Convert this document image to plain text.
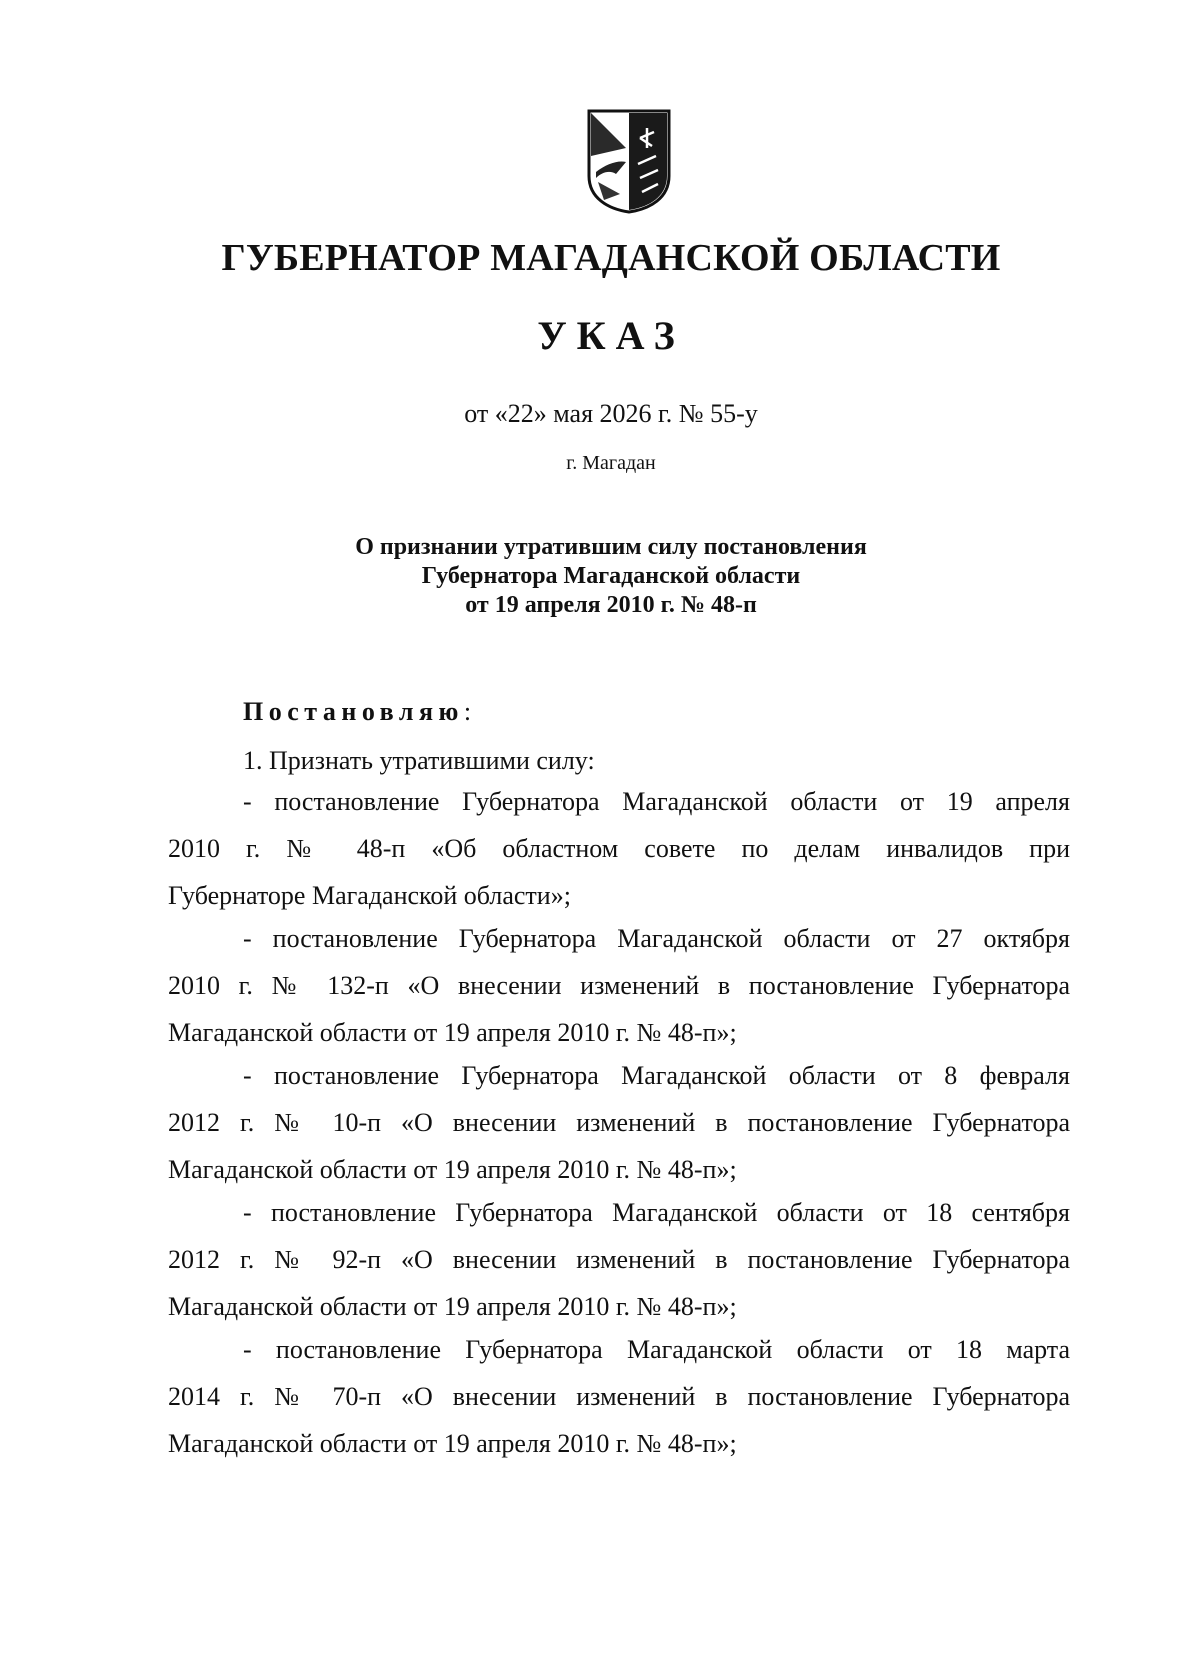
ГУБЕРНАТОР МАГАДАНСКОЙ ОБЛАСТИ
УКАЗ
от «22» мая 2026 г. № 55-у
г. Магадан
О признании утратившим силу постановления
Губернатора Магаданской области
от 19 апреля 2010 г. № 48-п
Постановляю:
1. Признать утратившими силу:
- постановление Губернатора Магаданской области от 19 апреля
2010 г. № 48-п «Об областном совете по делам инвалидов при
Губернаторе Магаданской области»;
- постановление Губернатора Магаданской области от 27 октября
2010 г. № 132-п «О внесении изменений в постановление Губернатора
Магаданской области от 19 апреля 2010 г. № 48-п»;
- постановление Губернатора Магаданской области от 8 февраля
2012 г. № 10-п «О внесении изменений в постановление Губернатора
Магаданской области от 19 апреля 2010 г. № 48-п»;
- постановление Губернатора Магаданской области от 18 сентября
2012 г. № 92-п «О внесении изменений в постановление Губернатора
Магаданской области от 19 апреля 2010 г. № 48-п»;
- постановление Губернатора Магаданской области от 18 марта
2014 г. № 70-п «О внесении изменений в постановление Губернатора
Магаданской области от 19 апреля 2010 г. № 48-п»;
